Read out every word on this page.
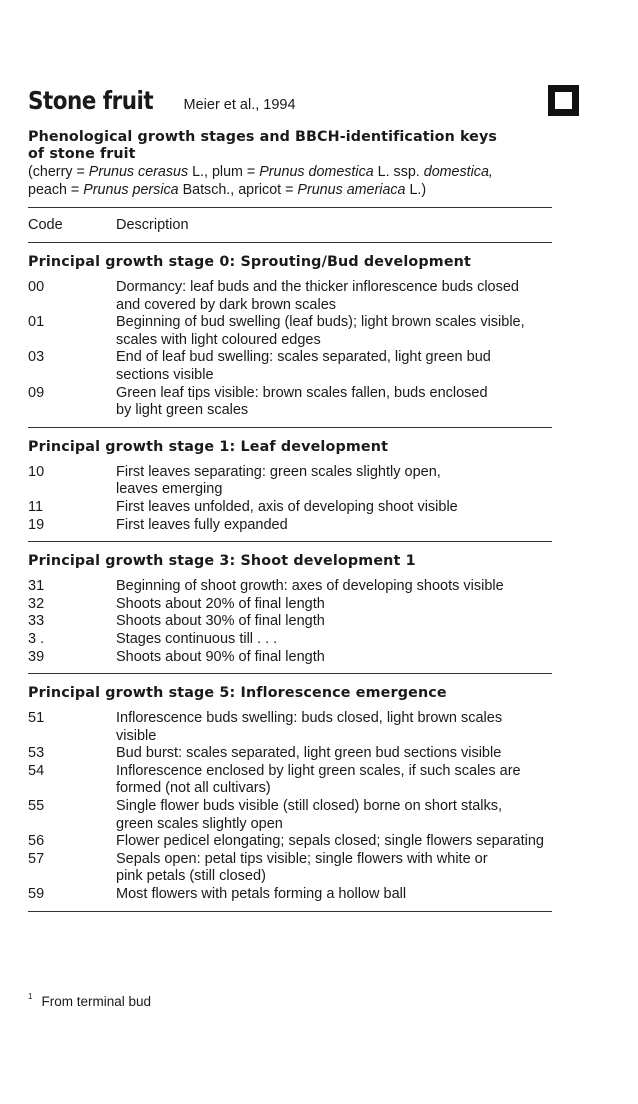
Stone fruit Meier et al., 1994
Phenological growth stages and BBCH-identification keys
of stone fruit
(cherry = Prunus cerasus L., plum = Prunus domestica L. ssp. domestica,
peach = Prunus persica Batsch., apricot = Prunus ameriaca L.)
Code	Description
Principal growth stage 0: Sprouting/Bud development
00	Dormancy: leaf buds and the thicker inflorescence buds closed
and covered by dark brown scales
01	Beginning of bud swelling (leaf buds); light brown scales visible,
scales with light coloured edges
03	End of leaf bud swelling: scales separated, light green bud
sections visible
09	Green leaf tips visible: brown scales fallen, buds enclosed
by light green scales
Principal growth stage 1: Leaf development
10	First leaves separating: green scales slightly open,
leaves emerging
11	First leaves unfolded, axis of developing shoot visible
19	First leaves fully expanded
Principal growth stage 3: Shoot development 1
31	Beginning of shoot growth: axes of developing shoots visible
32	Shoots about 20% of final length
33	Shoots about 30% of final length
3 .	Stages continuous till . . .
39	Shoots about 90% of final length
Principal growth stage 5: Inflorescence emergence
51	Inflorescence buds swelling: buds closed, light brown scales
visible
53	Bud burst: scales separated, light green bud sections visible
54	Inflorescence enclosed by light green scales, if such scales are
formed (not all cultivars)
55	Single flower buds visible (still closed) borne on short stalks,
green scales slightly open
56	Flower pedicel elongating; sepals closed; single flowers separating
57	Sepals open: petal tips visible; single flowers with white or
pink petals (still closed)
59	Most flowers with petals forming a hollow ball
$^1$ From terminal bud
